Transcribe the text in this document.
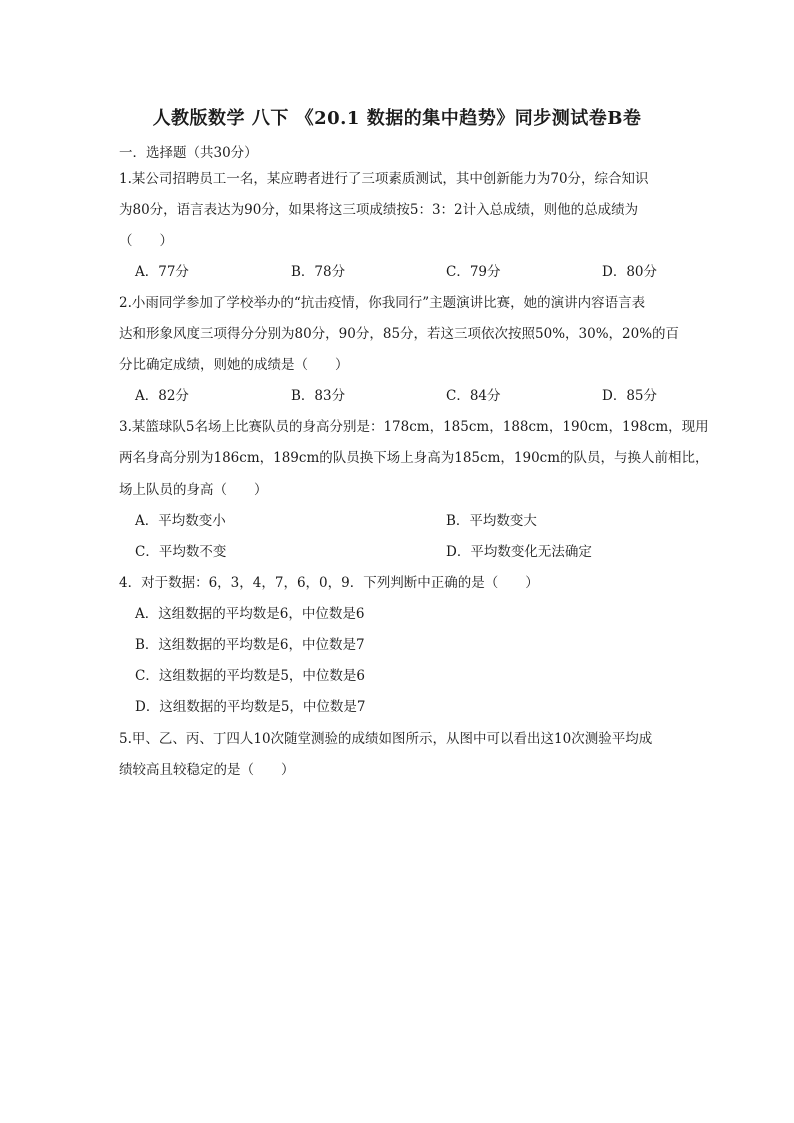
人教版数学 八下 《20.1 数据的集中趋势》同步测试卷B卷
一．选择题（共30分）
1.某公司招聘员工一名，某应聘者进行了三项素质测试，其中创新能力为70分，综合知识
为80分，语言表达为90分，如果将这三项成绩按5：3：2计入总成绩，则他的总成绩为
（　　）
A．77分	B．78分	C．79分	D．80分
2.小雨同学参加了学校举办的“抗击疫情，你我同行”主题演讲比赛，她的演讲内容语言表
达和形象风度三项得分分别为80分，90分，85分，若这三项依次按照50%，30%，20%的百
分比确定成绩，则她的成绩是（　　）
A．82分	B．83分	C．84分	D．85分
3.某篮球队5名场上比赛队员的身高分别是：178cm，185cm，188cm，190cm，198cm，现用
两名身高分别为186cm，189cm的队员换下场上身高为185cm，190cm的队员，与换人前相比，
场上队员的身高（　　）
A．平均数变小	B．平均数变大
C．平均数不变	D．平均数变化无法确定
4．对于数据：6，3，4，7，6，0，9．下列判断中正确的是（　　）
A．这组数据的平均数是6，中位数是6
B．这组数据的平均数是6，中位数是7
C．这组数据的平均数是5，中位数是6
D．这组数据的平均数是5，中位数是7
5.甲、乙、丙、丁四人10次随堂测验的成绩如图所示，从图中可以看出这10次测验平均成
绩较高且较稳定的是（　　）
